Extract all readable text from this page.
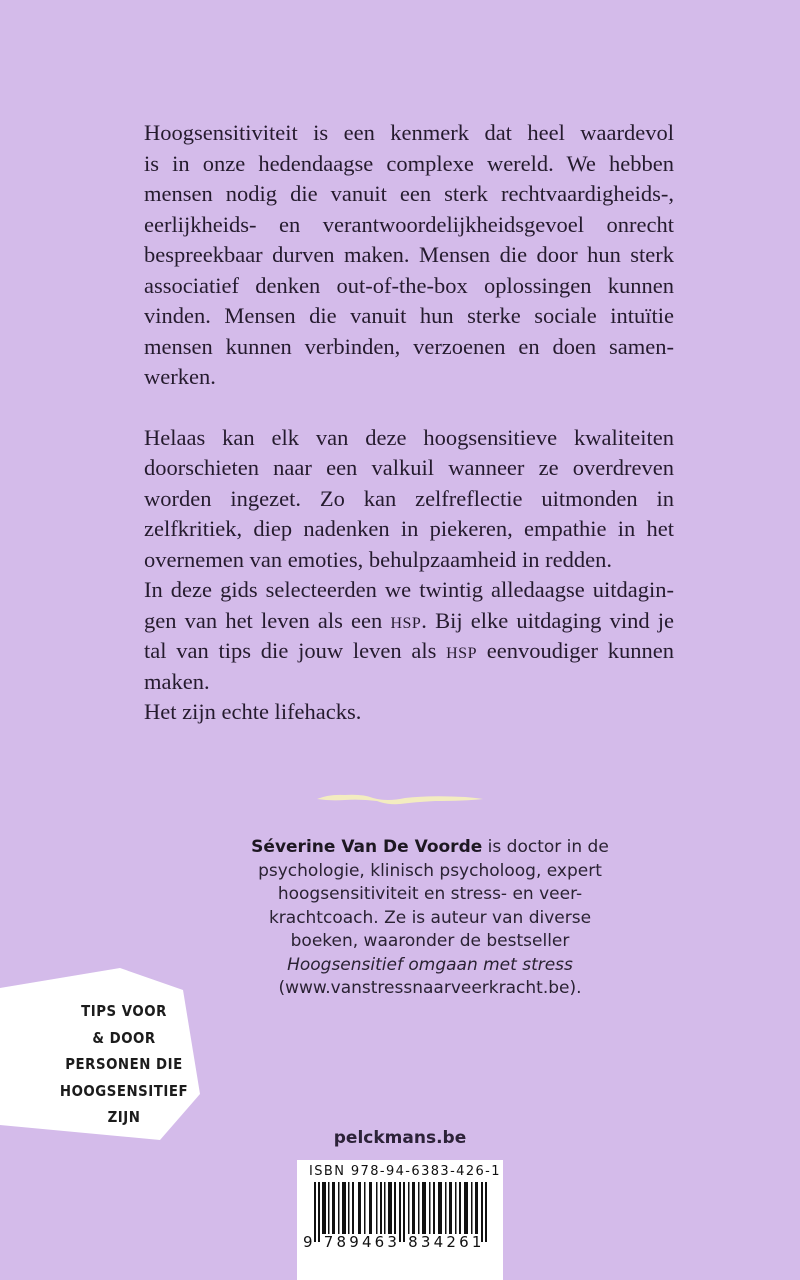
Hoogsensitiviteit is een kenmerk dat heel waardevol
is in onze hedendaagse complexe wereld. We hebben
mensen nodig die vanuit een sterk rechtvaardigheids-,
eerlijkheids- en verantwoordelijkheidsgevoel onrecht
bespreekbaar durven maken. Mensen die door hun sterk
associatief denken out-of-the-box oplossingen kunnen
vinden. Mensen die vanuit hun sterke sociale intuïtie
mensen kunnen verbinden, verzoenen en doen samen-
werken.

Helaas kan elk van deze hoogsensitieve kwaliteiten
doorschieten naar een valkuil wanneer ze overdreven
worden ingezet. Zo kan zelfreflectie uitmonden in
zelfkritiek, diep nadenken in piekeren, empathie in het
overnemen van emoties, behulpzaamheid in redden.

In deze gids selecteerden we twintig alledaagse uitdagin-
gen van het leven als een hsp. Bij elke uitdaging vind je
tal van tips die jouw leven als hsp eenvoudiger kunnen
maken.

Het zijn echte lifehacks.

Séverine Van De Voorde is doctor in de
psychologie, klinisch psycholoog, expert
hoogsensitiviteit en stress- en veer-
krachtcoach. Ze is auteur van diverse
boeken, waaronder de bestseller
Hoogsensitief omgaan met stress
(www.vanstressnaarveerkracht.be).
TIPS VOOR
& DOOR
PERSONEN DIE
HOOGSENSITIEF
ZIJN
pelckmans.be
ISBN 978-94-6383-426-1
9 789463 834261
